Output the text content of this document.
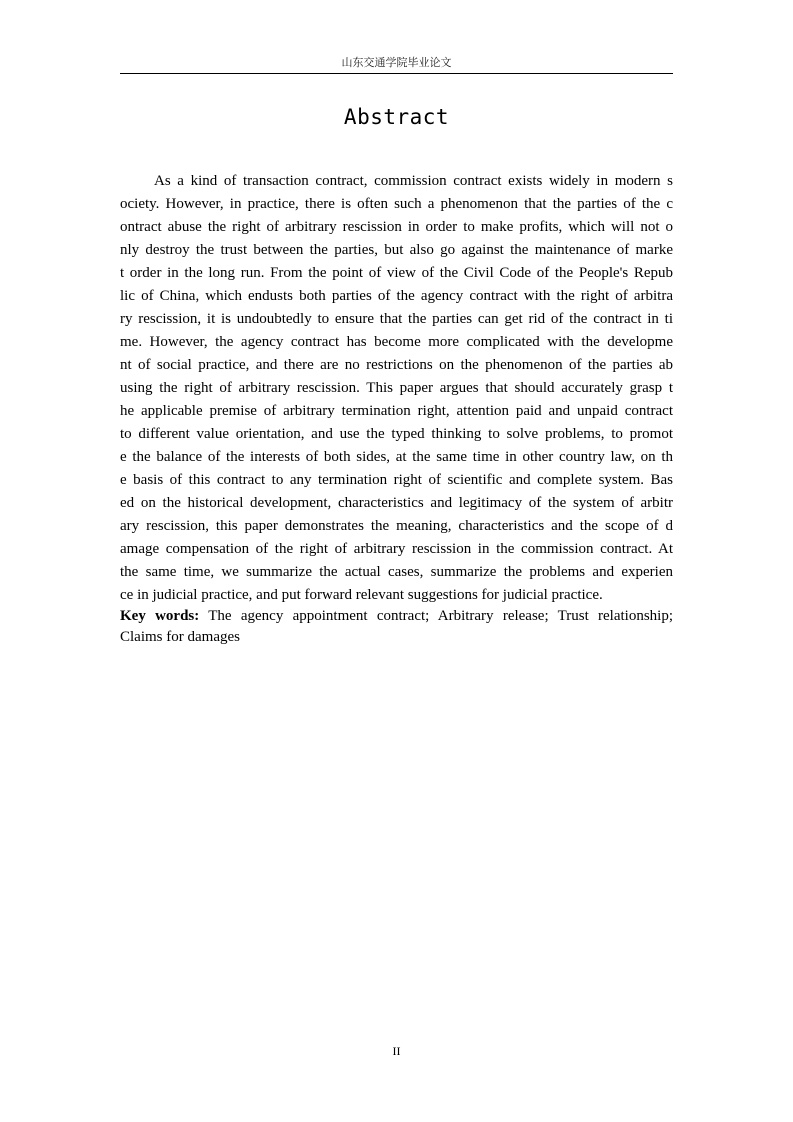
山东交通学院毕业论文
Abstract
As a kind of transaction contract, commission contract exists widely in modern s
ociety. However, in practice, there is often such a phenomenon that the parties of the c
ontract abuse the right of arbitrary rescission in order to make profits, which will not o
nly destroy the trust between the parties, but also go against the maintenance of marke
t order in the long run. From the point of view of the Civil Code of the People's Repub
lic of China, which endusts both parties of the agency contract with the right of arbitra
ry rescission, it is undoubtedly to ensure that the parties can get rid of the contract in ti
me. However, the agency contract has become more complicated with the developme
nt of social practice, and there are no restrictions on the phenomenon of the parties ab
using the right of arbitrary rescission. This paper argues that should accurately grasp t
he applicable premise of arbitrary termination right, attention paid and unpaid contract
to different value orientation, and use the typed thinking to solve problems, to promot
e the balance of the interests of both sides, at the same time in other country law, on th
e basis of this contract to any termination right of scientific and complete system. Bas
ed on the historical development, characteristics and legitimacy of the system of arbitr
ary rescission, this paper demonstrates the meaning, characteristics and the scope of d
amage compensation of the right of arbitrary rescission in the commission contract. At
the same time, we summarize the actual cases, summarize the problems and experien
ce in judicial practice, and put forward relevant suggestions for judicial practice.
Key words: The agency appointment contract; Arbitrary release; Trust relationship;
Claims for damages
II
